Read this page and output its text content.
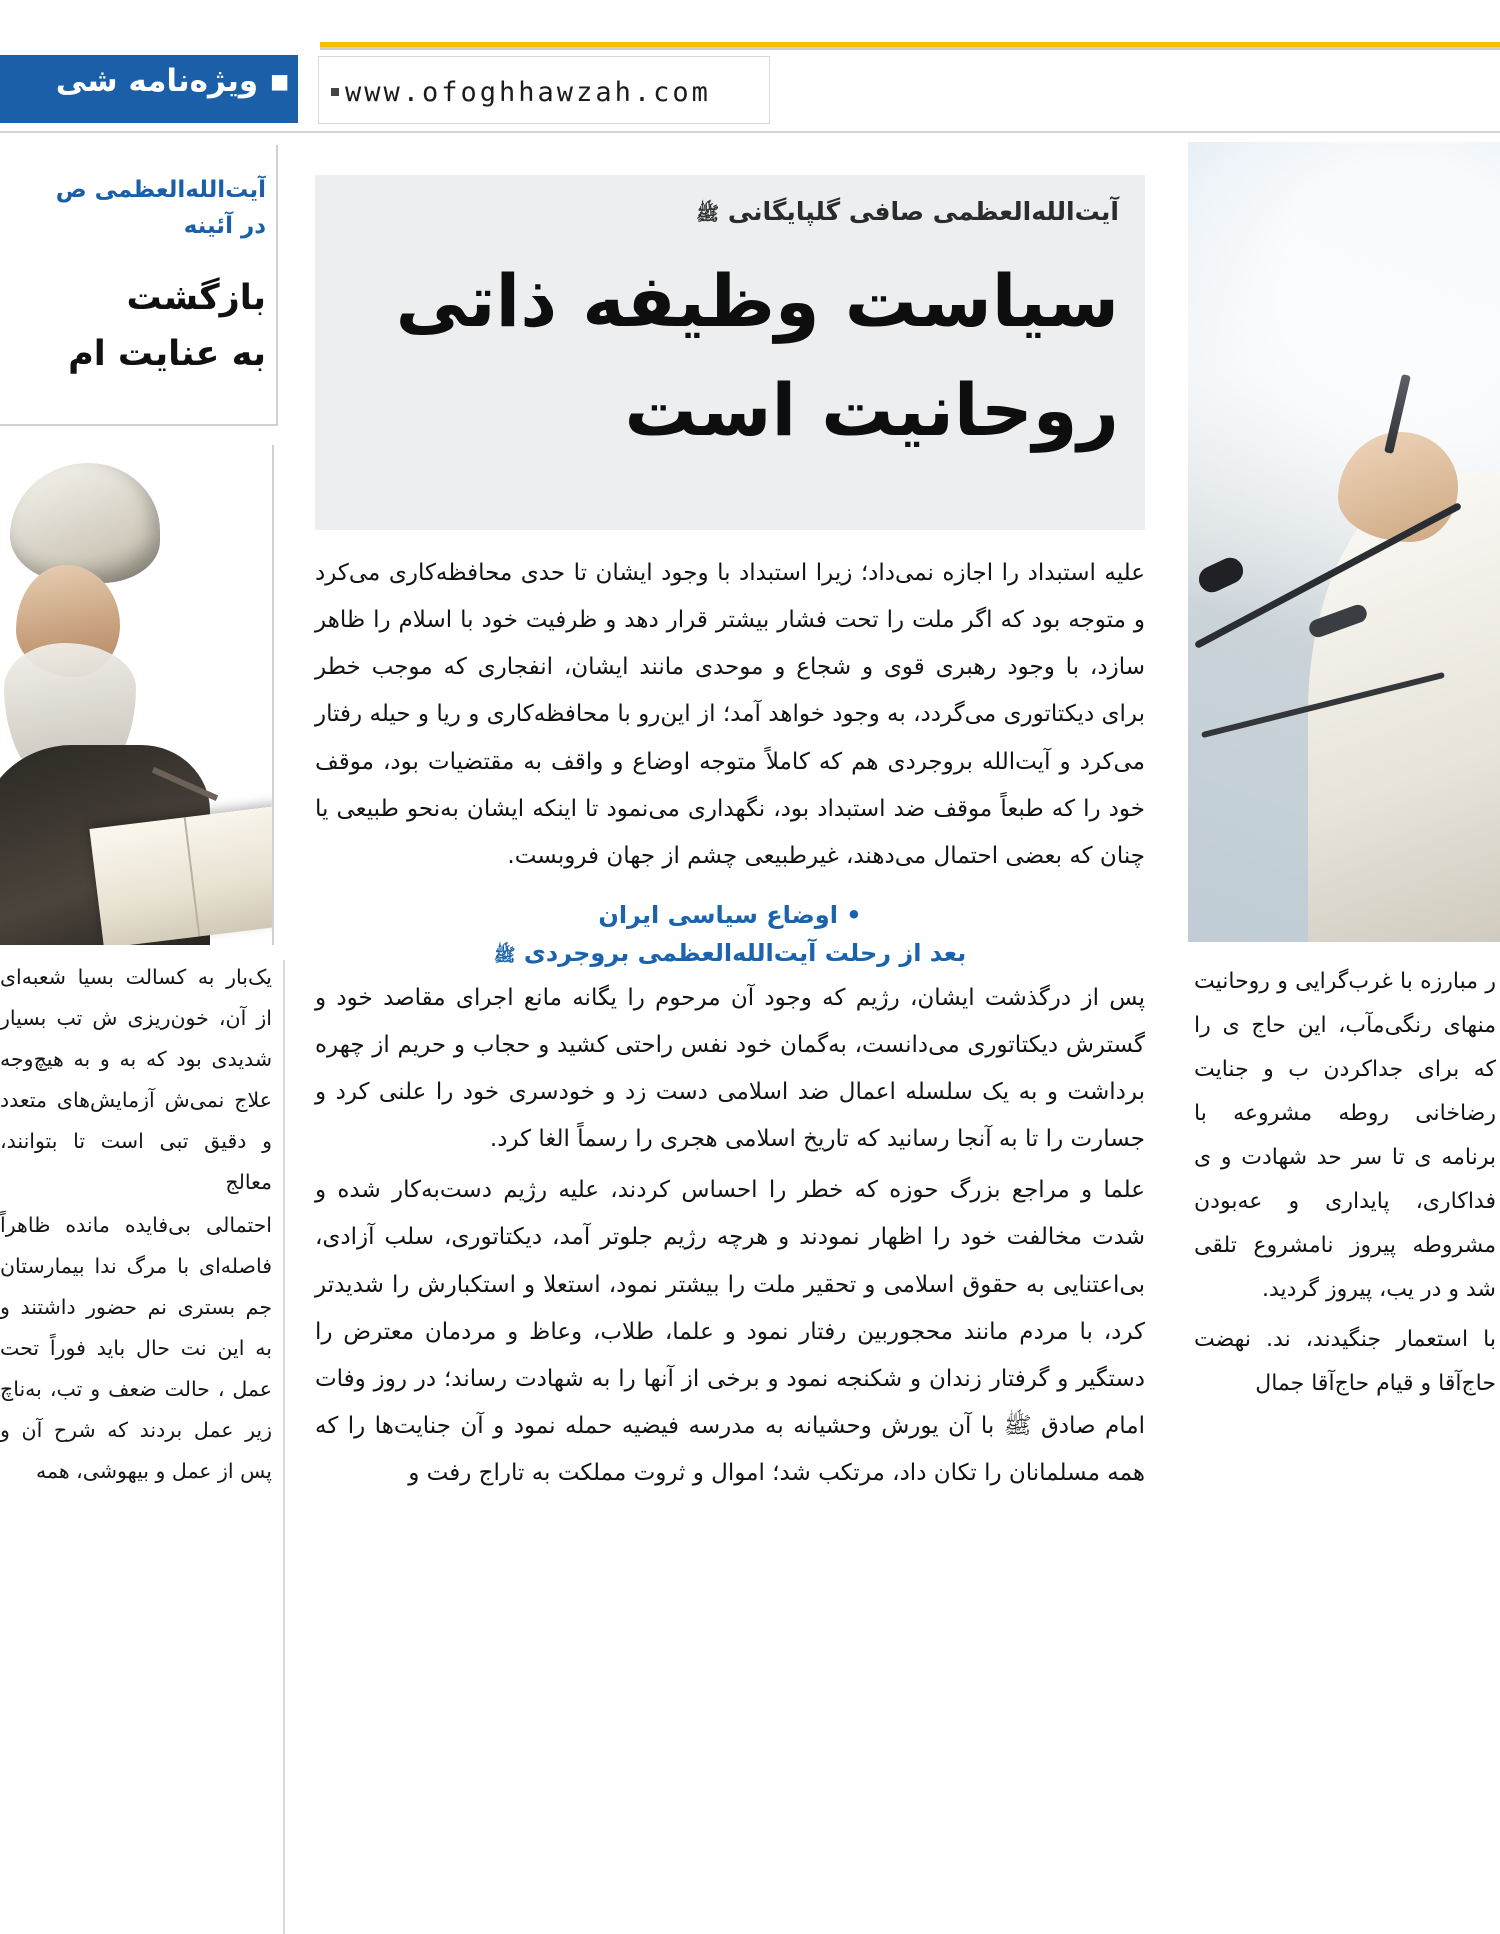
▪ ویژه‌نامه شی	www.ofoghhawzah.com
آیت‌الله‌العظمی ص
در آئینه
بازگشت
به عنایت ام

یک‌بار به کسالت بسیا شعبه‌ای از آن، خون‌ریزی ش تب بسیار شدیدی بود که به و به هیچ‌وجه علاج نمی‌ش آزمایش‌های متعدد و دقیق تبی است تا بتوانند، معالج

احتمالی بی‌فایده مانده ظاهراً فاصله‌ای با مرگ ندا بیمارستان جم بستری نم حضور داشتند و به این نت حال باید فوراً تحت عمل ، حالت ضعف و تب، به‌ناچ زیر عمل بردند که شرح آن و پس از عمل و بیهوشی، همه

آیت‌الله‌العظمی صافی گلپایگانی ﷺ
سیاست وظیفه ذاتی
روحانیت است

علیه استبداد را اجازه نمی‌داد؛ زیرا استبداد با وجود ایشان تا حدی محافظه‌کاری می‌کرد و متوجه بود که اگر ملت را تحت فشار بیشتر قرار دهد و ظرفیت خود با اسلام را ظاهر سازد، با وجود رهبری قوی و شجاع و موحدی مانند ایشان، انفجاری که موجب خطر برای دیکتاتوری می‌گردد، به وجود خواهد آمد؛ از این‌رو با محافظه‌کاری و ریا و حیله رفتار می‌کرد و آیت‌الله بروجردی هم که کاملاً متوجه اوضاع و واقف به مقتضیات بود، موقف خود را که طبعاً موقف ضد استبداد بود، نگهداری می‌نمود تا اینکه ایشان به‌نحو طبیعی یا چنان که بعضی احتمال می‌دهند، غیرطبیعی چشم از جهان فروبست.

• اوضاع سیاسی ایران
بعد از رحلت آیت‌الله‌العظمی بروجردی ﷺ

پس از درگذشت ایشان، رژیم که وجود آن مرحوم را یگانه مانع اجرای مقاصد خود و گسترش دیکتاتوری می‌دانست، به‌گمان خود نفس راحتی کشید و حجاب و حریم از چهره برداشت و به یک سلسله اعمال ضد اسلامی دست زد و خودسری خود را علنی کرد و جسارت را تا به آنجا رسانید که تاریخ اسلامی هجری را رسماً الغا کرد.

علما و مراجع بزرگ حوزه که خطر را احساس کردند، علیه رژیم دست‌به‌کار شده و شدت مخالفت خود را اظهار نمودند و هرچه رژیم جلوتر آمد، دیکتاتوری، سلب آزادی، بی‌اعتنایی به حقوق اسلامی و تحقیر ملت را بیشتر نمود، استعلا و استکبارش را شدیدتر کرد، با مردم مانند محجوربین رفتار نمود و علما، طلاب، وعاظ و مردمان معترض را دستگیر و گرفتار زندان و شکنجه نمود و برخی از آنها را به شهادت رساند؛ در روز وفات امام صادق ﷺ با آن یورش وحشیانه به مدرسه فیضیه حمله نمود و آن جنایت‌ها را که همه مسلمانان را تکان داد، مرتکب شد؛ اموال و ثروت مملکت به تاراج رفت و

ر مبارزه با غرب‌گرایی و روحانیت منهای رنگی‌مآب، این حاج ی را که برای جداکردن ب و جنایت رضاخانی روطه مشروعه با برنامه ی تا سر حد شهادت و ی فداکاری، پایداری و عه‌بودن مشروطه پیروز نامشروع تلقی شد و در یب، پیروز گردید.

با استعمار جنگیدند، ند. نهضت حاج‌آقا و قیام حاج‌آقا جمال
